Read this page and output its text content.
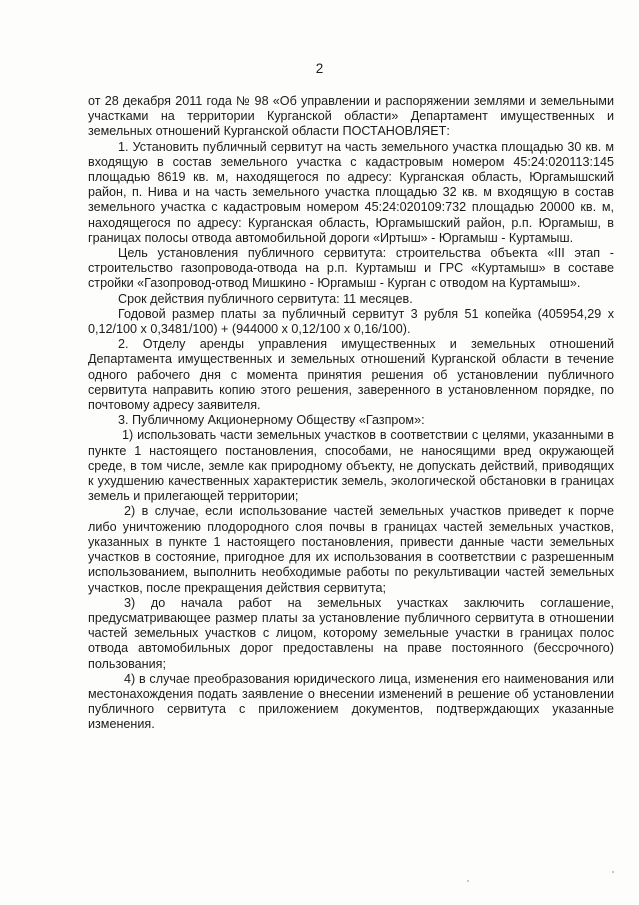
2

от 28 декабря 2011 года № 98 «Об управлении и распоряжении землями и земельными участками на территории Курганской области» Департамент имущественных и земельных отношений Курганской области ПОСТАНОВЛЯЕТ:

1. Установить публичный сервитут на часть земельного участка площадью 30 кв. м входящую в состав земельного участка с кадастровым номером 45:24:020113:145 площадью 8619 кв. м, находящегося по адресу: Курганская область, Юргамышский район, п. Нива и на часть земельного участка площадью 32 кв. м входящую в состав земельного участка с кадастровым номером 45:24:020109:732 площадью 20000 кв. м, находящегося по адресу: Курганская область, Юргамышский район, р.п. Юргамыш, в границах полосы отвода автомобильной дороги «Иртыш» - Юргамыш - Куртамыш.

Цель установления публичного сервитута: строительства объекта «III этап - строительство газопровода-отвода на р.п. Куртамыш и ГРС «Куртамыш» в составе стройки «Газопровод-отвод Мишкино - Юргамыш - Курган с отводом на Куртамыш».

Срок действия публичного сервитута: 11 месяцев.

Годовой размер платы за публичный сервитут 3 рубля 51 копейка (405954,29 х 0,12/100 х 0,3481/100) + (944000 х 0,12/100 х 0,16/100).

2. Отделу аренды управления имущественных и земельных отношений Департамента имущественных и земельных отношений Курганской области в течение одного рабочего дня с момента принятия решения об установлении публичного сервитута направить копию этого решения, заверенного в установленном порядке, по почтовому адресу заявителя.

3. Публичному Акционерному Обществу «Газпром»:

1) использовать части земельных участков в соответствии с целями, указанными в пункте 1 настоящего постановления, способами, не наносящими вред окружающей среде, в том числе, земле как природному объекту, не допускать действий, приводящих к ухудшению качественных характеристик земель, экологической обстановки в границах земель и прилегающей территории;

2) в случае, если использование частей земельных участков приведет к порче либо уничтожению плодородного слоя почвы в границах частей земельных участков, указанных в пункте 1 настоящего постановления, привести данные части земельных участков в состояние, пригодное для их использования в соответствии с разрешенным использованием, выполнить необходимые работы по рекультивации частей земельных участков, после прекращения действия сервитута;

3) до начала работ на земельных участках заключить соглашение, предусматривающее размер платы за установление публичного сервитута в отношении частей земельных участков с лицом, которому земельные участки в границах полос отвода автомобильных дорог предоставлены на праве постоянного (бессрочного) пользования;

4) в случае преобразования юридического лица, изменения его наименования или местонахождения подать заявление о внесении изменений в решение об установлении публичного сервитута с приложением документов, подтверждающих указанные изменения.
